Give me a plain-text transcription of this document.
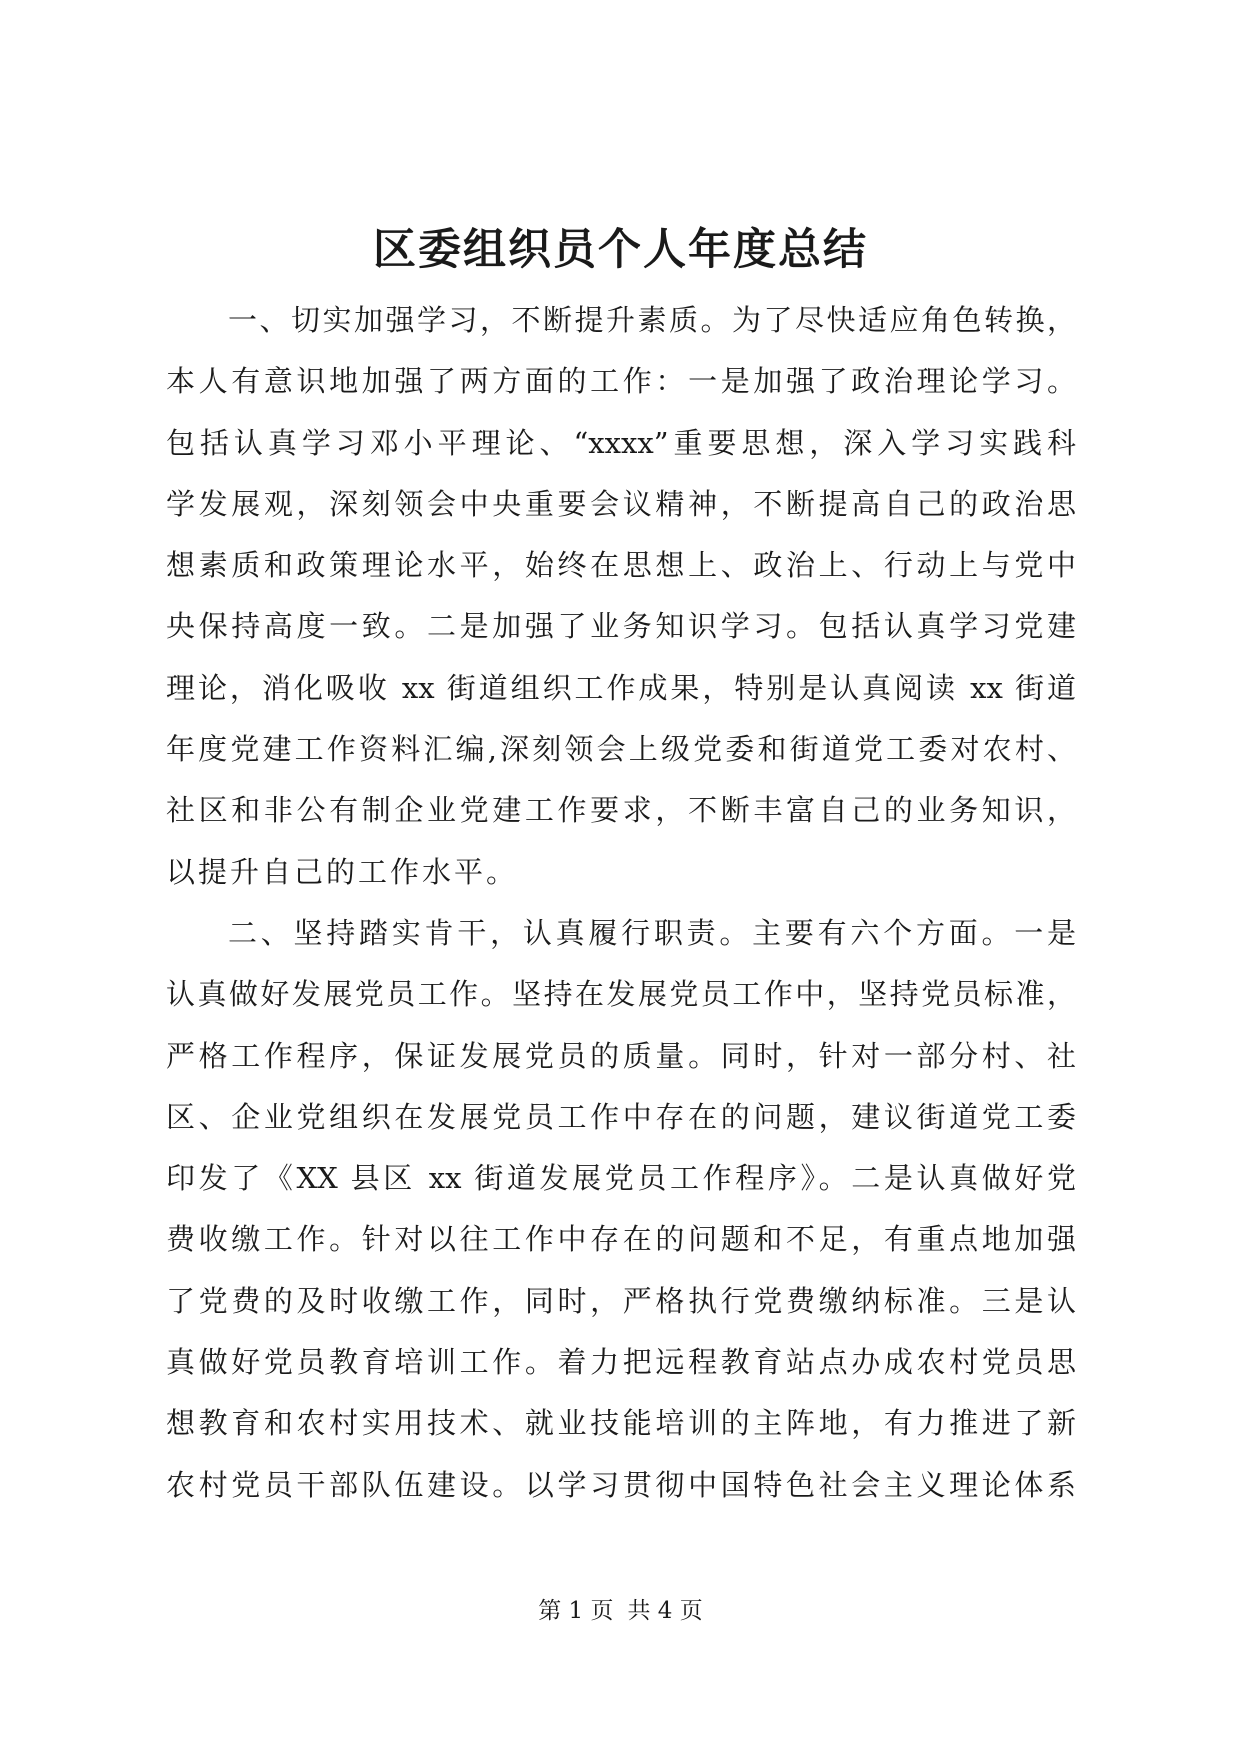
区委组织员个人年度总结
一、切实加强学习，不断提升素质。为了尽快适应角色转换，
本人有意识地加强了两方面的工作：一是加强了政治理论学习。
包括认真学习邓小平理论、“xxxx”重要思想，深入学习实践科
学发展观，深刻领会中央重要会议精神，不断提高自己的政治思
想素质和政策理论水平，始终在思想上、政治上、行动上与党中
央保持高度一致。二是加强了业务知识学习。包括认真学习党建
理论，消化吸收 xx 街道组织工作成果，特别是认真阅读 xx 街道
年度党建工作资料汇编,深刻领会上级党委和街道党工委对农村、
社区和非公有制企业党建工作要求，不断丰富自己的业务知识，
以提升自己的工作水平。
二、坚持踏实肯干，认真履行职责。主要有六个方面。一是
认真做好发展党员工作。坚持在发展党员工作中，坚持党员标准，
严格工作程序，保证发展党员的质量。同时，针对一部分村、社
区、企业党组织在发展党员工作中存在的问题，建议街道党工委
印发了《XX 县区 xx 街道发展党员工作程序》。二是认真做好党
费收缴工作。针对以往工作中存在的问题和不足，有重点地加强
了党费的及时收缴工作，同时，严格执行党费缴纳标准。三是认
真做好党员教育培训工作。着力把远程教育站点办成农村党员思
想教育和农村实用技术、就业技能培训的主阵地，有力推进了新
农村党员干部队伍建设。以学习贯彻中国特色社会主义理论体系
第 1 页 共 4 页
